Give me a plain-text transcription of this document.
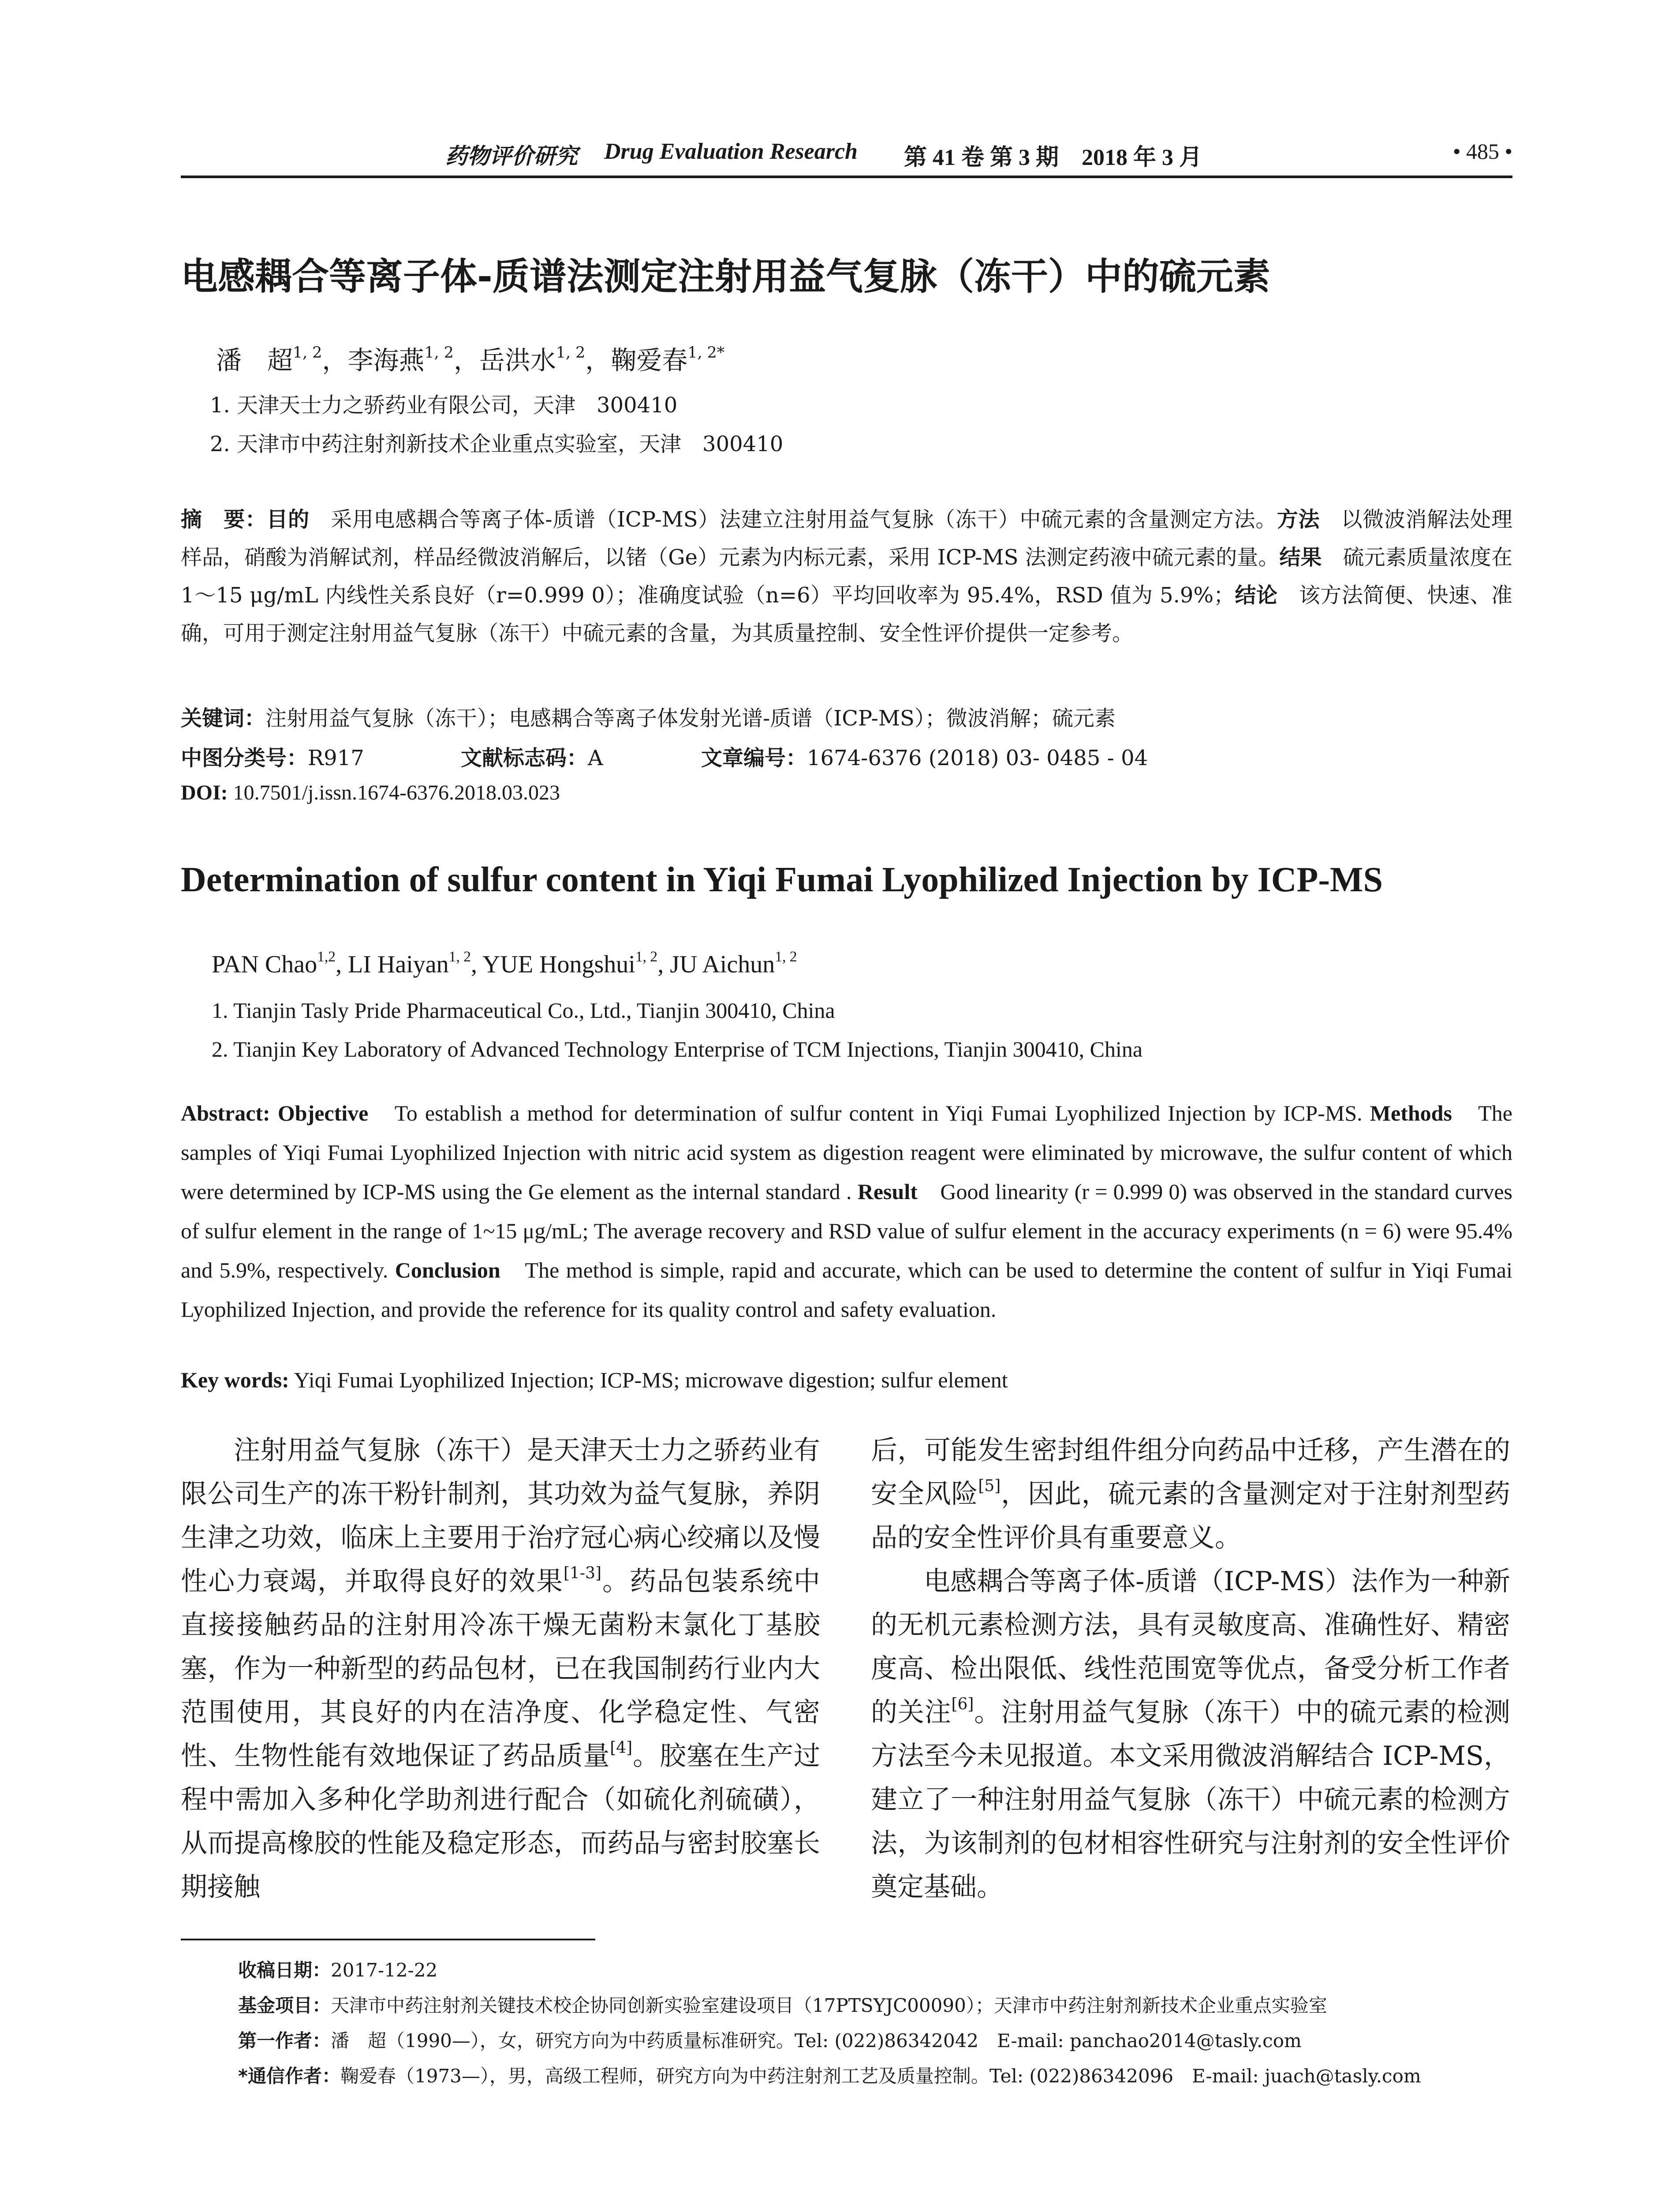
药物评价研究 Drug Evaluation Research 第 41 卷 第 3 期　2018 年 3 月	• 485 •
电感耦合等离子体-质谱法测定注射用益气复脉（冻干）中的硫元素
潘　超$^{1, 2}$，李海燕$^{1, 2}$，岳洪水$^{1, 2}$，鞠爱春$^{1, 2*}$
1. 天津天士力之骄药业有限公司，天津　300410
2. 天津市中药注射剂新技术企业重点实验室，天津　300410
摘　要：目的　采用电感耦合等离子体-质谱（ICP-MS）法建立注射用益气复脉（冻干）中硫元素的含量测定方法。方法　以微波消解法处理样品，硝酸为消解试剂，样品经微波消解后，以锗（Ge）元素为内标元素，采用 ICP-MS 法测定药液中硫元素的量。结果　硫元素质量浓度在 1～15 μg/mL 内线性关系良好（r=0.999 0）；准确度试验（n=6）平均回收率为 95.4%，RSD 值为 5.9%；结论　该方法简便、快速、准确，可用于测定注射用益气复脉（冻干）中硫元素的含量，为其质量控制、安全性评价提供一定参考。
关键词：注射用益气复脉（冻干）；电感耦合等离子体发射光谱-质谱（ICP-MS）；微波消解；硫元素
中图分类号：R917	文献标志码：A	文章编号：1674-6376 (2018) 03- 0485 - 04
DOI: 10.7501/j.issn.1674-6376.2018.03.023
Determination of sulfur content in Yiqi Fumai Lyophilized Injection by ICP-MS
PAN Chao$^{1,2}$, LI Haiyan$^{1, 2}$, YUE Hongshui$^{1, 2}$, JU Aichun$^{1, 2}$
1. Tianjin Tasly Pride Pharmaceutical Co., Ltd., Tianjin 300410, China
2. Tianjin Key Laboratory of Advanced Technology Enterprise of TCM Injections, Tianjin 300410, China
Abstract: Objective　To establish a method for determination of sulfur content in Yiqi Fumai Lyophilized Injection by ICP-MS. Methods　The samples of Yiqi Fumai Lyophilized Injection with nitric acid system as digestion reagent were eliminated by microwave, the sulfur content of which were determined by ICP-MS using the Ge element as the internal standard . Result　Good linearity (r = 0.999 0) was observed in the standard curves of sulfur element in the range of 1~15 μg/mL; The average recovery and RSD value of sulfur element in the accuracy experiments (n = 6) were 95.4% and 5.9%, respectively. Conclusion　The method is simple, rapid and accurate, which can be used to determine the content of sulfur in Yiqi Fumai Lyophilized Injection, and provide the reference for its quality control and safety evaluation.
Key words: Yiqi Fumai Lyophilized Injection; ICP-MS; microwave digestion; sulfur element

注射用益气复脉（冻干）是天津天士力之骄药业有限公司生产的冻干粉针制剂，其功效为益气复脉，养阴生津之功效，临床上主要用于治疗冠心病心绞痛以及慢性心力衰竭，并取得良好的效果[1-3]。药品包装系统中直接接触药品的注射用冷冻干燥无菌粉末氯化丁基胶塞，作为一种新型的药品包材，已在我国制药行业内大范围使用，其良好的内在洁净度、化学稳定性、气密性、生物性能有效地保证了药品质量[4]。胶塞在生产过程中需加入多种化学助剂进行配合（如硫化剂硫磺），从而提高橡胶的性能及稳定形态，而药品与密封胶塞长期接触

后，可能发生密封组件组分向药品中迁移，产生潜在的安全风险[5]，因此，硫元素的含量测定对于注射剂型药品的安全性评价具有重要意义。

电感耦合等离子体-质谱（ICP-MS）法作为一种新的无机元素检测方法，具有灵敏度高、准确性好、精密度高、检出限低、线性范围宽等优点，备受分析工作者的关注[6]。注射用益气复脉（冻干）中的硫元素的检测方法至今未见报道。本文采用微波消解结合 ICP-MS，建立了一种注射用益气复脉（冻干）中硫元素的检测方法，为该制剂的包材相容性研究与注射剂的安全性评价奠定基础。

收稿日期：2017-12-22
基金项目：天津市中药注射剂关键技术校企协同创新实验室建设项目（17PTSYJC00090）；天津市中药注射剂新技术企业重点实验室
第一作者：潘　超（1990—），女，研究方向为中药质量标准研究。Tel: (022)86342042　E-mail: panchao2014@tasly.com
*通信作者：鞠爱春（1973—），男，高级工程师，研究方向为中药注射剂工艺及质量控制。Tel: (022)86342096　E-mail: juach@tasly.com
